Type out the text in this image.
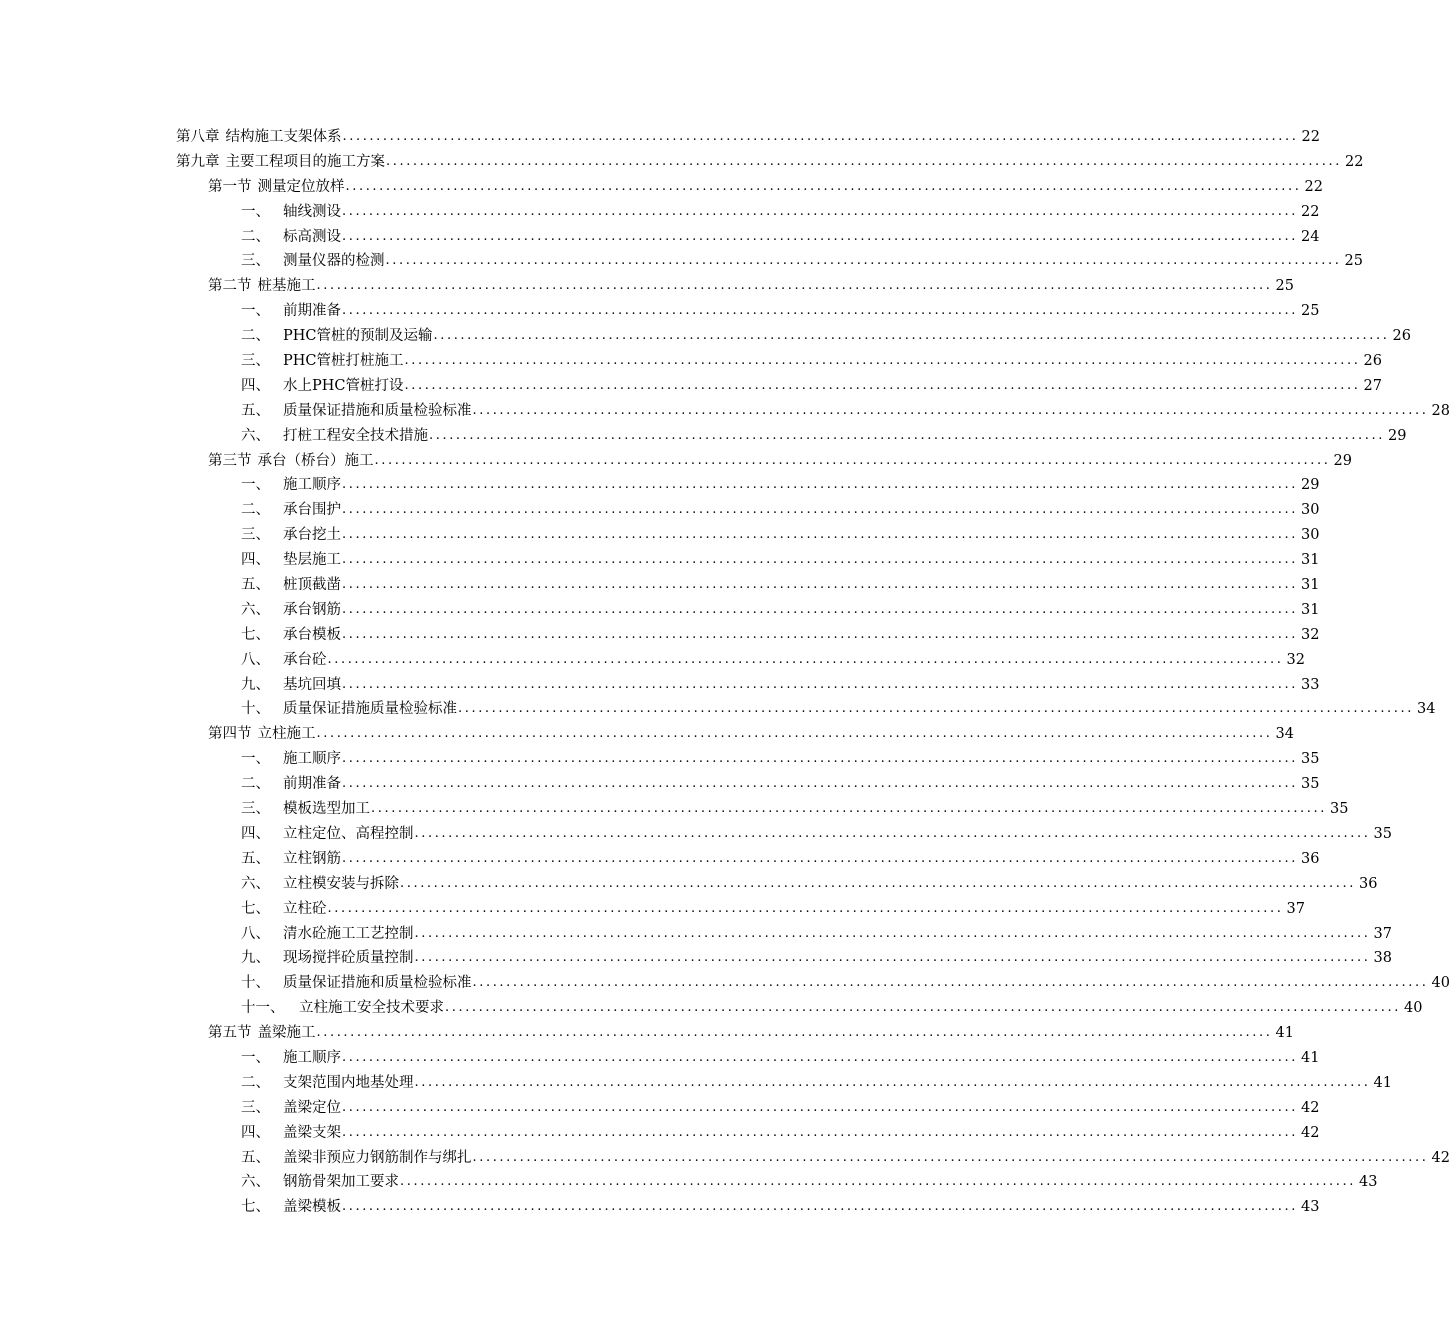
第八章 结构施工支架体系 .............................................................................................................................................. 22
第九章 主要工程项目的施工方案 .............................................................................................................................................. 22
第一节 测量定位放样 .............................................................................................................................................. 22
一、 轴线测设 .............................................................................................................................................. 22
二、 标高测设 .............................................................................................................................................. 24
三、 测量仪器的检测 .............................................................................................................................................. 25
第二节 桩基施工 .............................................................................................................................................. 25
一、 前期准备 .............................................................................................................................................. 25
二、 PHC管桩的预制及运输 .............................................................................................................................................. 26
三、 PHC管桩打桩施工 .............................................................................................................................................. 26
四、 水上PHC管桩打设 .............................................................................................................................................. 27
五、 质量保证措施和质量检验标准 .............................................................................................................................................. 28
六、 打桩工程安全技术措施 .............................................................................................................................................. 29
第三节 承台（桥台）施工 .............................................................................................................................................. 29
一、 施工顺序 .............................................................................................................................................. 29
二、 承台围护 .............................................................................................................................................. 30
三、 承台挖土 .............................................................................................................................................. 30
四、 垫层施工 .............................................................................................................................................. 31
五、 桩顶截凿 .............................................................................................................................................. 31
六、 承台钢筋 .............................................................................................................................................. 31
七、 承台模板 .............................................................................................................................................. 32
八、 承台砼 .............................................................................................................................................. 32
九、 基坑回填 .............................................................................................................................................. 33
十、 质量保证措施质量检验标准 .............................................................................................................................................. 34
第四节 立柱施工 .............................................................................................................................................. 34
一、 施工顺序 .............................................................................................................................................. 35
二、 前期准备 .............................................................................................................................................. 35
三、 模板选型加工 .............................................................................................................................................. 35
四、 立柱定位、高程控制 .............................................................................................................................................. 35
五、 立柱钢筋 .............................................................................................................................................. 36
六、 立柱模安装与拆除 .............................................................................................................................................. 36
七、 立柱砼 .............................................................................................................................................. 37
八、 清水砼施工工艺控制 .............................................................................................................................................. 37
九、 现场搅拌砼质量控制 .............................................................................................................................................. 38
十、 质量保证措施和质量检验标准 .............................................................................................................................................. 40
十一、	立柱施工安全技术要求 .............................................................................................................................................. 40
第五节 盖梁施工 .............................................................................................................................................. 41
一、 施工顺序 .............................................................................................................................................. 41
二、 支架范围内地基处理 .............................................................................................................................................. 41
三、 盖梁定位 .............................................................................................................................................. 42
四、 盖梁支架 .............................................................................................................................................. 42
五、 盖梁非预应力钢筋制作与绑扎 .............................................................................................................................................. 42
六、 钢筋骨架加工要求 .............................................................................................................................................. 43
七、 盖梁模板 .............................................................................................................................................. 43
